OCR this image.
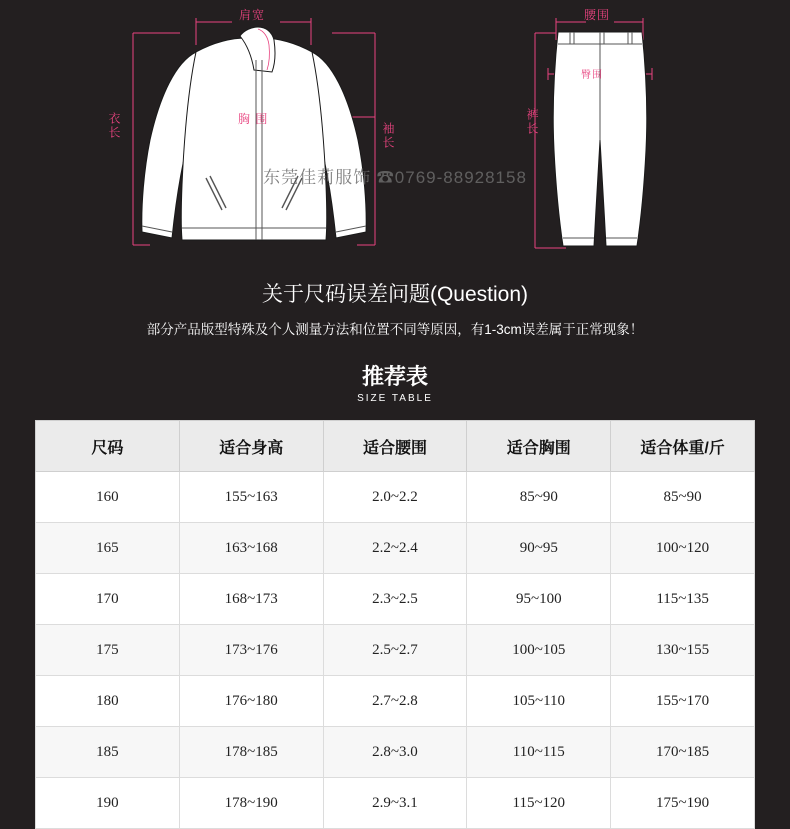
肩宽
胸 围
衣长	袖长
腰围
臀围
裤长
东莞佳莉服饰 ☎0769-88928158
关于尺码误差问题(Question)
部分产品版型特殊及个人测量方法和位置不同等原因，有1-3cm误差属于正常现象！
推荐表
SIZE TABLE
尺码	适合身高	适合腰围	适合胸围	适合体重/斤
160	155~163	2.0~2.2	85~90	85~90
165	163~168	2.2~2.4	90~95	100~120
170	168~173	2.3~2.5	95~100	115~135
175	173~176	2.5~2.7	100~105	130~155
180	176~180	2.7~2.8	105~110	155~170
185	178~185	2.8~3.0	110~115	170~185
190	178~190	2.9~3.1	115~120	175~190
